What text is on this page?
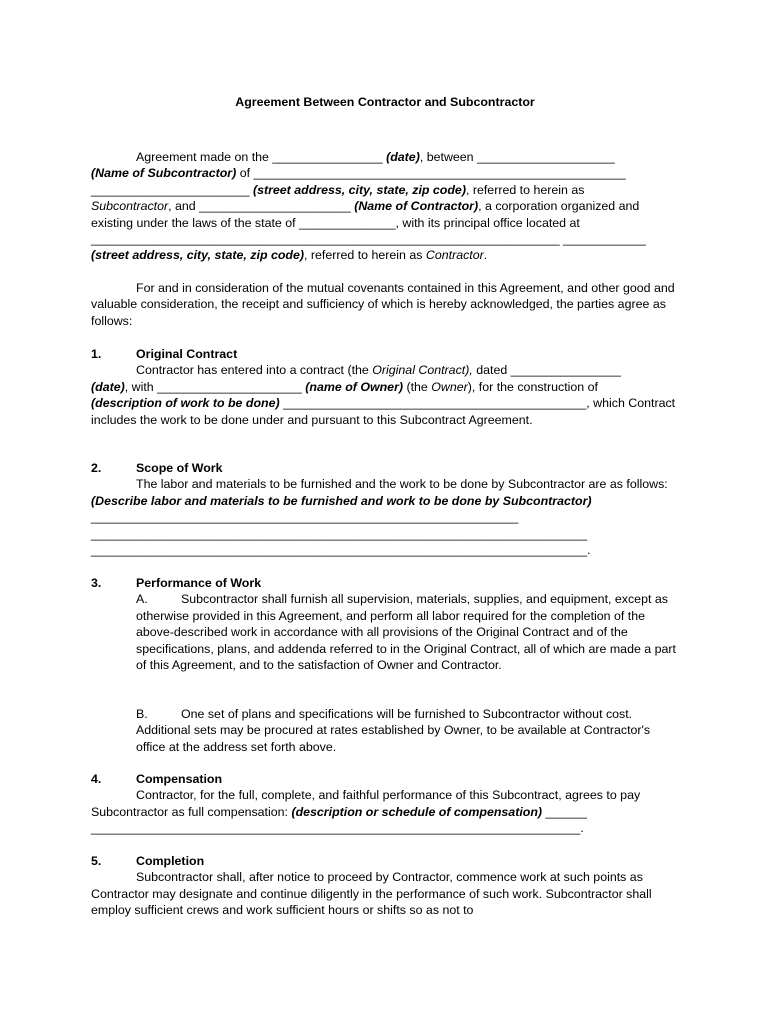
Agreement Between Contractor and Subcontractor
Agreement made on the ________________ (date), between ____________________
(Name of Subcontractor) of ______________________________________________________
_______________________ (street address, city, state, zip code), referred to herein as
Subcontractor, and ______________________ (Name of Contractor), a corporation organized and existing under the laws of the state of ______________, with its principal office located at ____________________________________________________________________ ____________ (street address, city, state, zip code), referred to herein as Contractor.
For and in consideration of the mutual covenants contained in this Agreement, and other good and valuable consideration, the receipt and sufficiency of which is hereby acknowledged, the parties agree as follows:
1.	Original Contract
Contractor has entered into a contract (the Original Contract), dated ________________
(date), with _____________________ (name of Owner) (the Owner), for the construction of
(description of work to be done) ____________________________________________, which Contract includes the work to be done under and pursuant to this Subcontract Agreement.
2.	Scope of Work
The labor and materials to be furnished and the work to be done by Subcontractor are as follows: (Describe labor and materials to be furnished and work to be done by Subcontractor) ______________________________________________________________
________________________________________________________________________
________________________________________________________________________.
3.	Performance of Work
A.	Subcontractor shall furnish all supervision, materials, supplies, and equipment, except as otherwise provided in this Agreement, and perform all labor required for the completion of the above-described work in accordance with all provisions of the Original Contract and of the specifications, plans, and addenda referred to in the Original Contract, all of which are made a part of this Agreement, and to the satisfaction of Owner and Contractor.
B.	One set of plans and specifications will be furnished to Subcontractor without cost. Additional sets may be procured at rates established by Owner, to be available at Contractor's office at the address set forth above.
4.	Compensation
Contractor, for the full, complete, and faithful performance of this Subcontract, agrees to pay Subcontractor as full compensation: (description or schedule of compensation) ______
_______________________________________________________________________.
5.	Completion
Subcontractor shall, after notice to proceed by Contractor, commence work at such points as Contractor may designate and continue diligently in the performance of such work. Subcontractor shall employ sufficient crews and work sufficient hours or shifts so as not to
